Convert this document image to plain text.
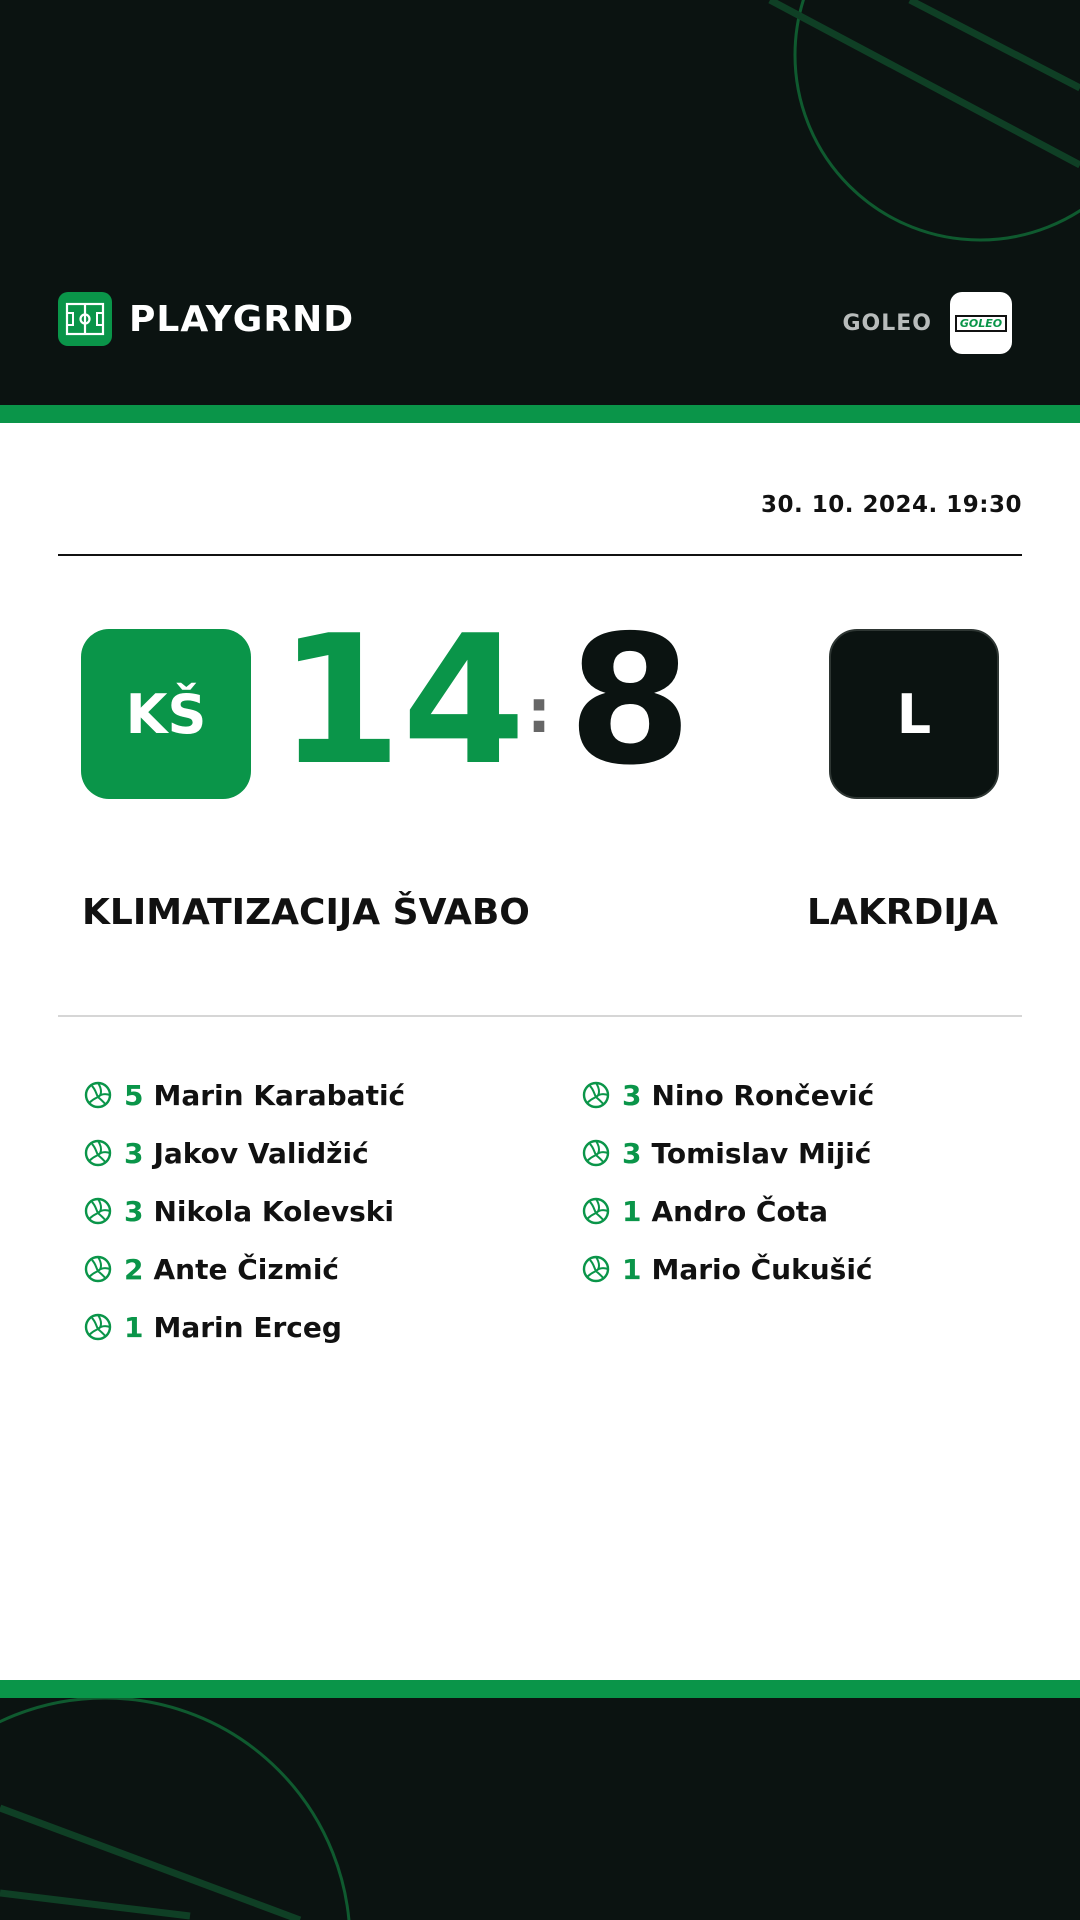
PLAYGRND	GOLEO	GOLEO
30. 10. 2024. 19:30
KŠ 14 : 8	L
KLIMATIZACIJA ŠVABO	LAKRDIJA
5 Marin Karabatić
3 Jakov Validžić
3 Nikola Kolevski
2 Ante Čizmić
1 Marin Erceg
3 Nino Rončević
3 Tomislav Mijić
1 Andro Čota
1 Mario Čukušić
